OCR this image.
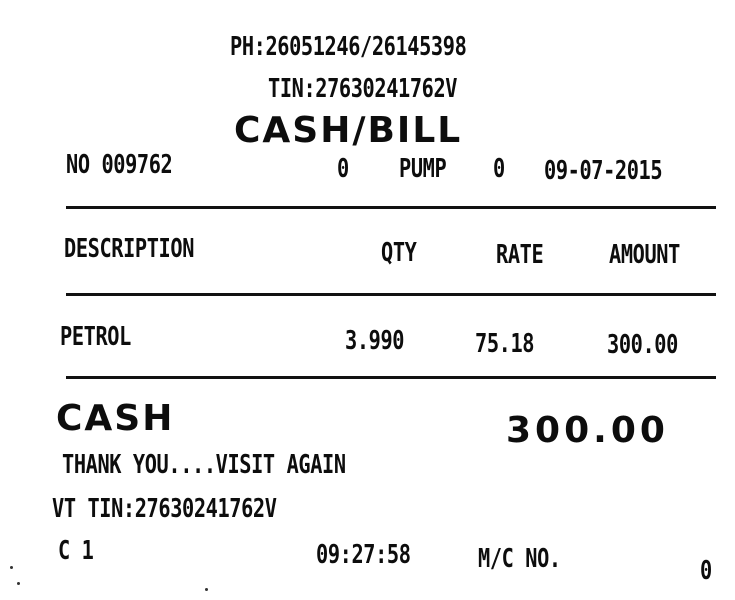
PH:26051246/26145398
TIN:27630241762V
CASH/BILL
NO 009762	0 PUMP 0 09-07-2015
DESCRIPTION	QTY	RATE	AMOUNT
PETROL	3.990	75.18	300.00
CASH	300.00
THANK YOU....VISIT AGAIN
VT TIN:27630241762V
C 1	09:27:58	M/C NO.	0
